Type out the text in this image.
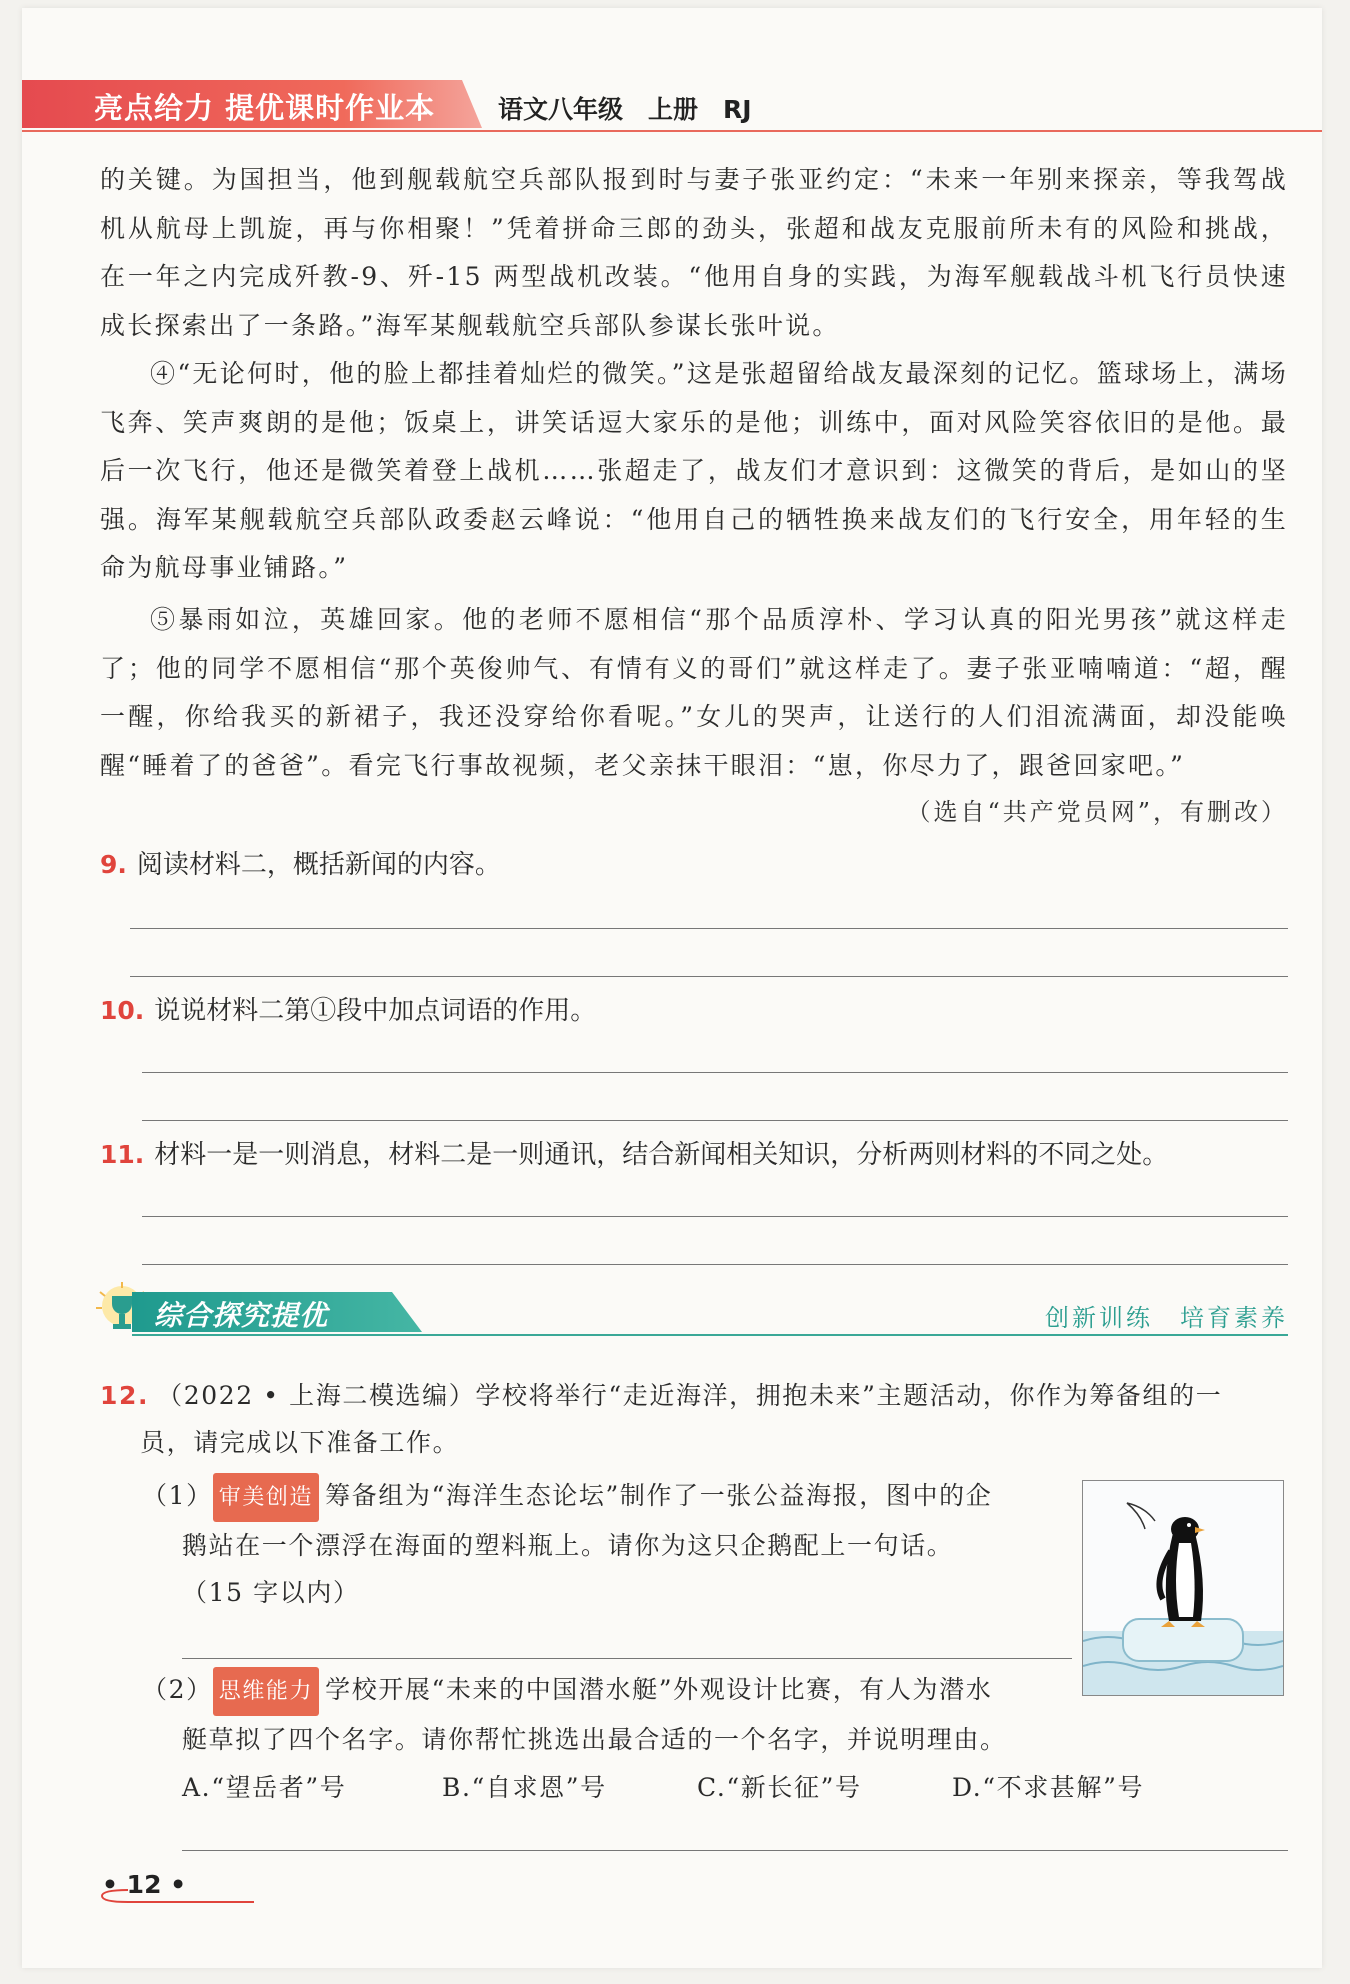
亮点给力 提优课时作业本	语文八年级　上册　RJ
的关键。为国担当，他到舰载航空兵部队报到时与妻子张亚约定：“未来一年别来探亲，等我驾战机从航母上凯旋，再与你相聚！”凭着拼命三郎的劲头，张超和战友克服前所未有的风险和挑战，在一年之内完成歼教-9、歼-15 两型战机改装。“他用自身的实践，为海军舰载战斗机飞行员快速成长探索出了一条路。”海军某舰载航空兵部队参谋长张叶说。
④“无论何时，他的脸上都挂着灿烂的微笑。”这是张超留给战友最深刻的记忆。篮球场上，满场飞奔、笑声爽朗的是他；饭桌上，讲笑话逗大家乐的是他；训练中，面对风险笑容依旧的是他。最后一次飞行，他还是微笑着登上战机……张超走了，战友们才意识到：这微笑的背后，是如山的坚强。海军某舰载航空兵部队政委赵云峰说：“他用自己的牺牲换来战友们的飞行安全，用年轻的生命为航母事业铺路。”
⑤暴雨如泣，英雄回家。他的老师不愿相信“那个品质淳朴、学习认真的阳光男孩”就这样走了；他的同学不愿相信“那个英俊帅气、有情有义的哥们”就这样走了。妻子张亚喃喃道：“超，醒一醒，你给我买的新裙子，我还没穿给你看呢。”女儿的哭声，让送行的人们泪流满面，却没能唤醒“睡着了的爸爸”。看完飞行事故视频，老父亲抹干眼泪：“崽，你尽力了，跟爸回家吧。”
（选自“共产党员网”，有删改）
9. 阅读材料二，概括新闻的内容。
10. 说说材料二第①段中加点词语的作用。
11. 材料一是一则消息，材料二是一则通讯，结合新闻相关知识，分析两则材料的不同之处。
综合探究提优	创新训练　培育素养
12. （2022 • 上海二模选编）学校将举行“走近海洋，拥抱未来”主题活动，你作为筹备组的一
员，请完成以下准备工作。
（1） 审美创造 筹备组为“海洋生态论坛”制作了一张公益海报，图中的企
鹅站在一个漂浮在海面的塑料瓶上。请你为这只企鹅配上一句话。
（15 字以内）
（2） 思维能力 学校开展“未来的中国潜水艇”外观设计比赛，有人为潜水
艇草拟了四个名字。请你帮忙挑选出最合适的一个名字，并说明理由。
A.“望岳者”号	B.“自求恩”号	C.“新长征”号	D.“不求甚解”号
• 12 •
